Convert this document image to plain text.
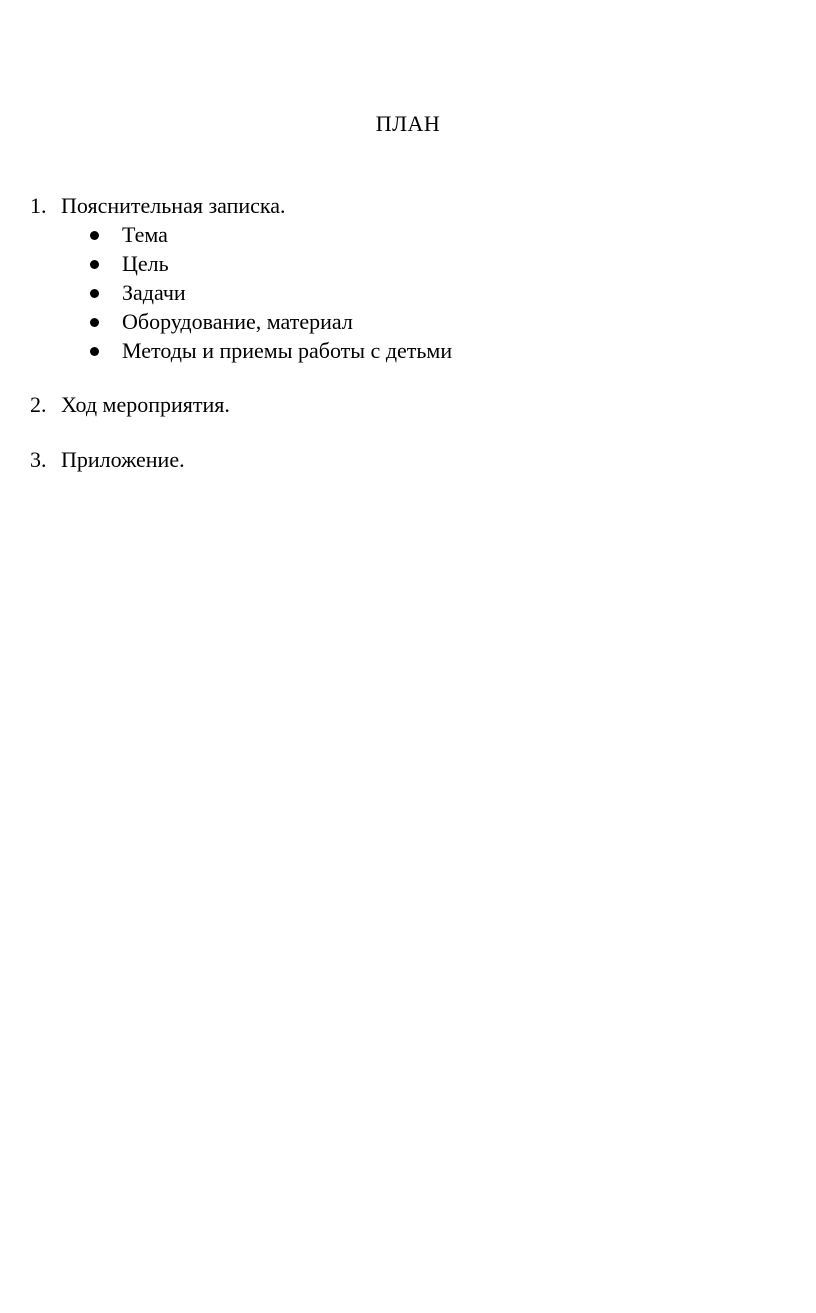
ПЛАН
1. Пояснительная записка.
Тема
Цель
Задачи
Оборудование, материал
Методы и приемы работы с детьми
2. Ход мероприятия.
3. Приложение.
